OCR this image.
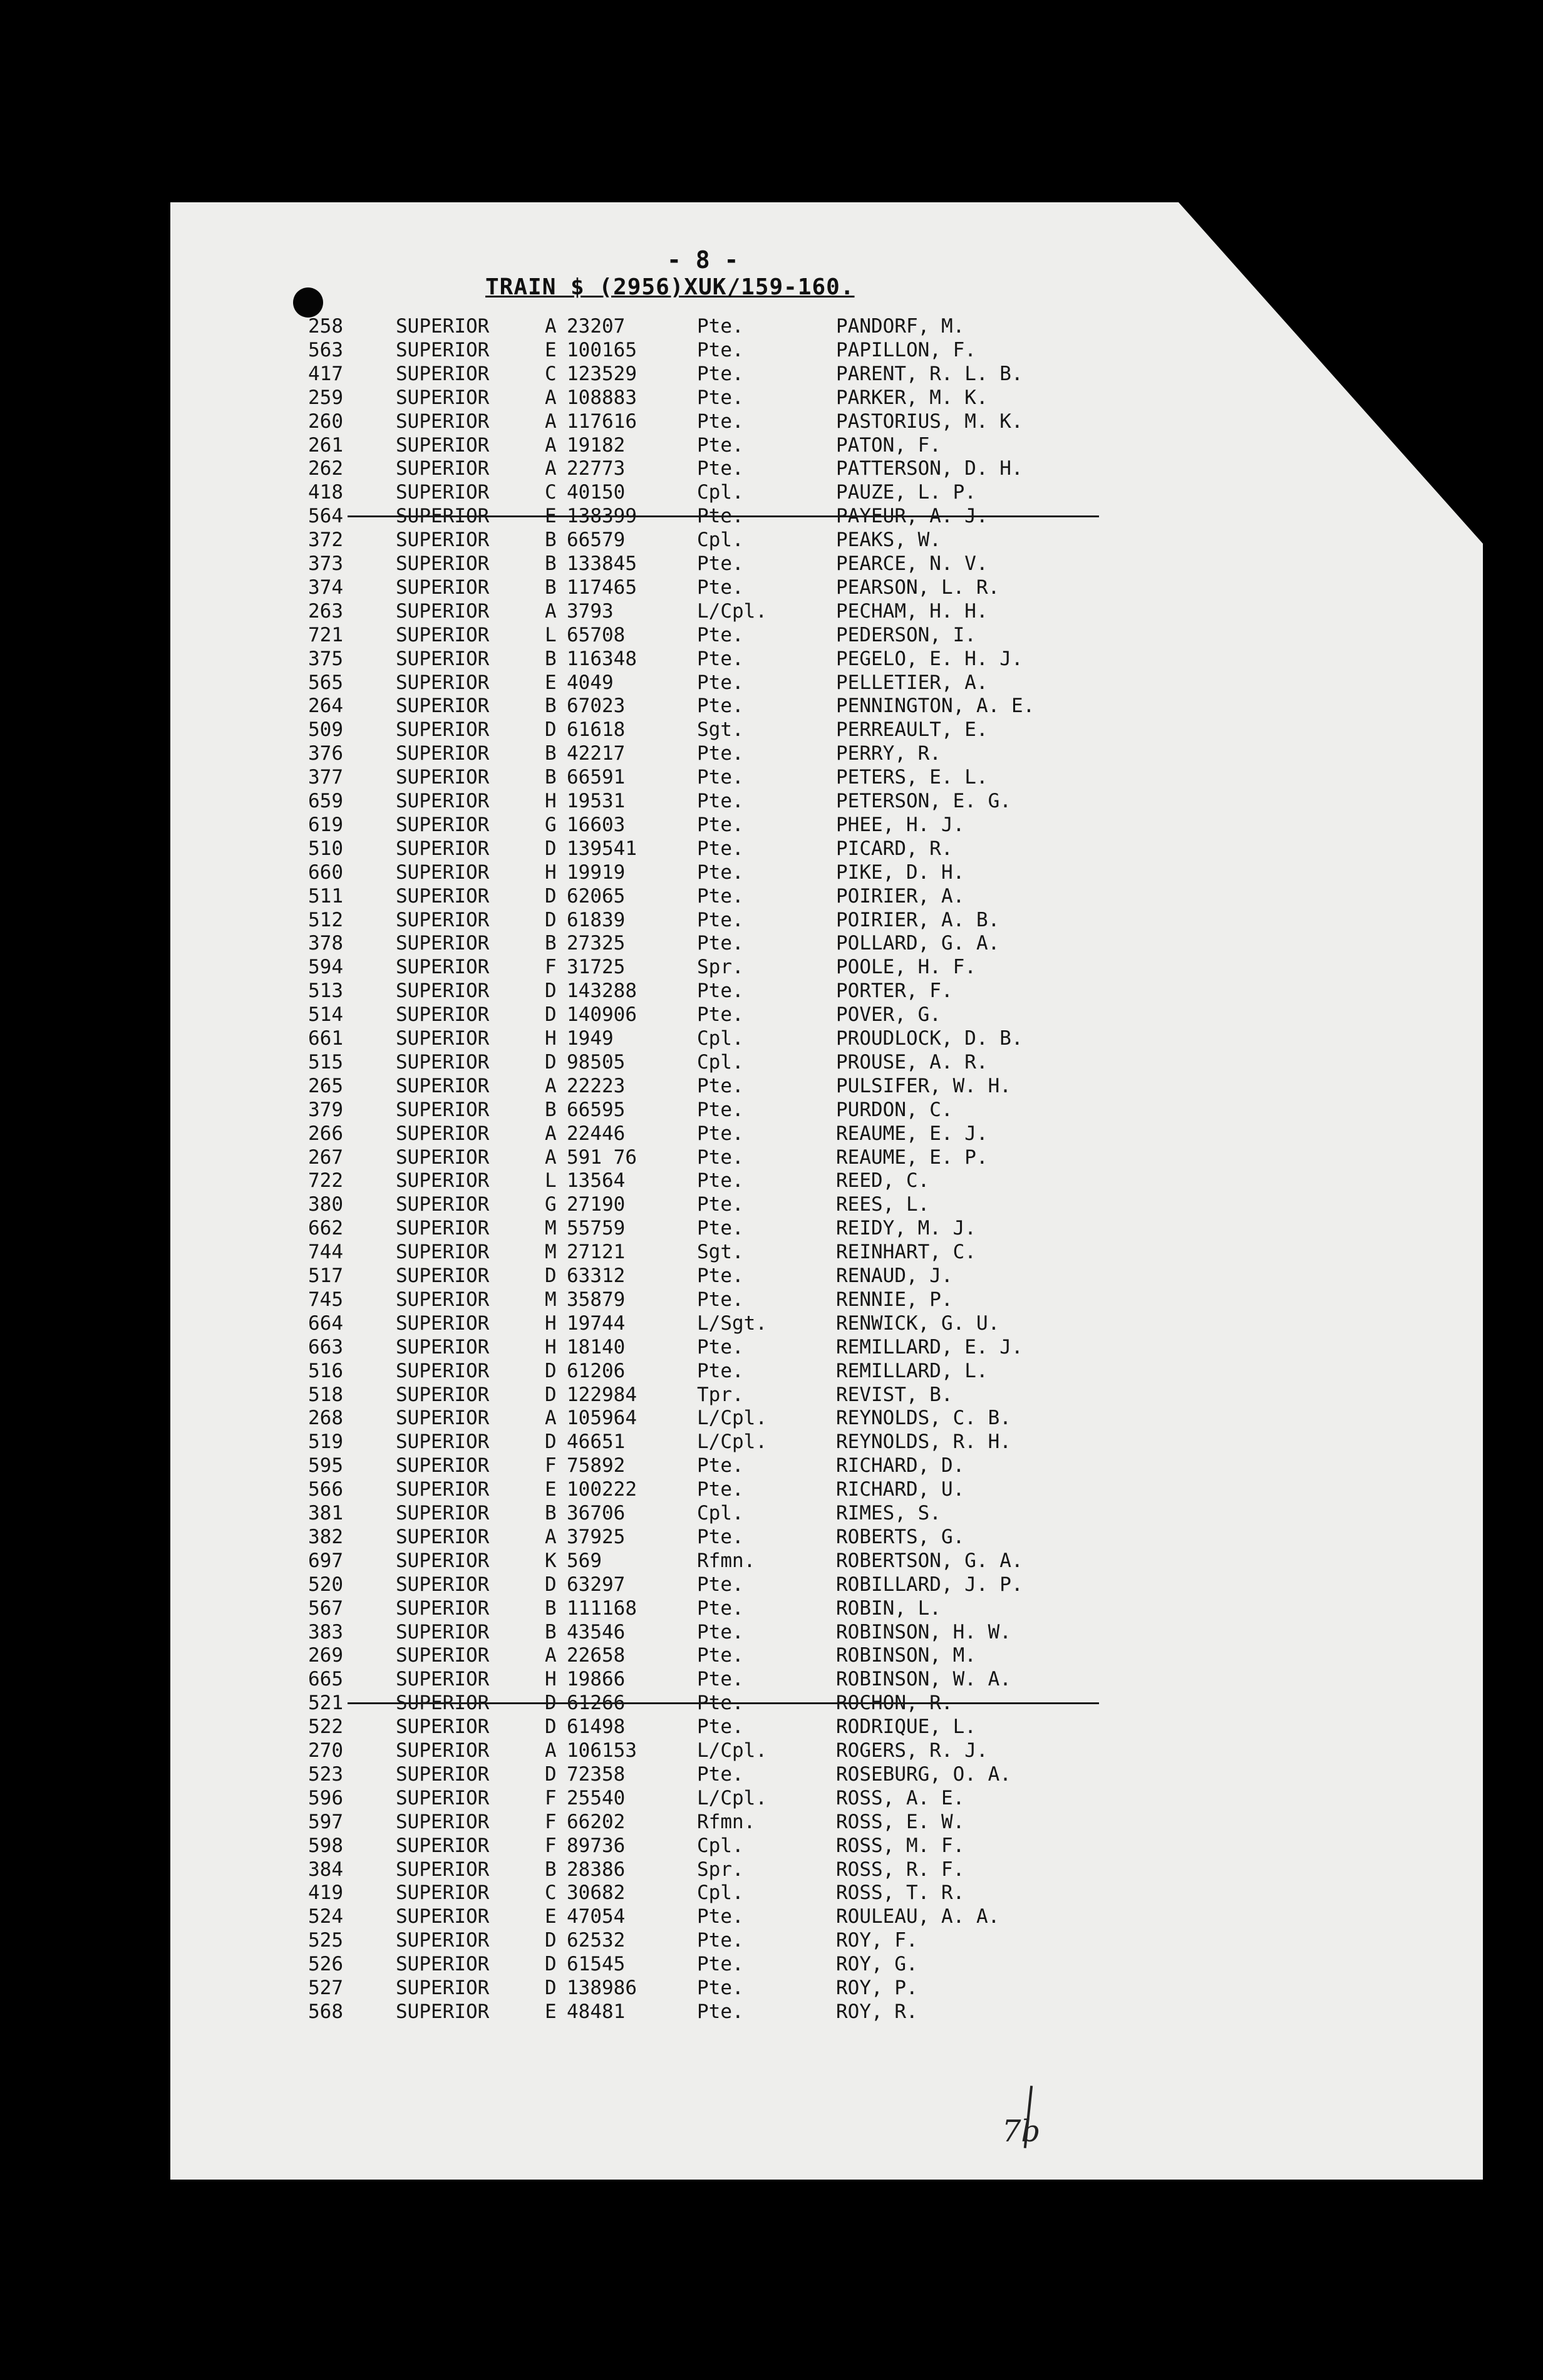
- 8 -
TRAIN $ (2956)XUK/159-160.
258	SUPERIOR	A 23207	Pte.	PANDORF, M.
563	SUPERIOR	E 100165	Pte.	PAPILLON, F.
417	SUPERIOR	C 123529	Pte.	PARENT, R. L. B.
259	SUPERIOR	A 108883	Pte.	PARKER, M. K.
260	SUPERIOR	A 117616	Pte.	PASTORIUS, M. K.
261	SUPERIOR	A 19182	Pte.	PATON, F.
262	SUPERIOR	A 22773	Pte.	PATTERSON, D. H.
418	SUPERIOR	C 40150	Cpl.	PAUZE, L. P.
564	SUPERIOR	E 138399	Pte.	PAYEUR, A. J.
372	SUPERIOR	B 66579	Cpl.	PEAKS, W.
373	SUPERIOR	B 133845	Pte.	PEARCE, N. V.
374	SUPERIOR	B 117465	Pte.	PEARSON, L. R.
263	SUPERIOR	A 3793	L/Cpl.	PECHAM, H. H.
721	SUPERIOR	L 65708	Pte.	PEDERSON, I.
375	SUPERIOR	B 116348	Pte.	PEGELO, E. H. J.
565	SUPERIOR	E 4049	Pte.	PELLETIER, A.
264	SUPERIOR	B 67023	Pte.	PENNINGTON, A. E.
509	SUPERIOR	D 61618	Sgt.	PERREAULT, E.
376	SUPERIOR	B 42217	Pte.	PERRY, R.
377	SUPERIOR	B 66591	Pte.	PETERS, E. L.
659	SUPERIOR	H 19531	Pte.	PETERSON, E. G.
619	SUPERIOR	G 16603	Pte.	PHEE, H. J.
510	SUPERIOR	D 139541	Pte.	PICARD, R.
660	SUPERIOR	H 19919	Pte.	PIKE, D. H.
511	SUPERIOR	D 62065	Pte.	POIRIER, A.
512	SUPERIOR	D 61839	Pte.	POIRIER, A. B.
378	SUPERIOR	B 27325	Pte.	POLLARD, G. A.
594	SUPERIOR	F 31725	Spr.	POOLE, H. F.
513	SUPERIOR	D 143288	Pte.	PORTER, F.
514	SUPERIOR	D 140906	Pte.	POVER, G.
661	SUPERIOR	H 1949	Cpl.	PROUDLOCK, D. B.
515	SUPERIOR	D 98505	Cpl.	PROUSE, A. R.
265	SUPERIOR	A 22223	Pte.	PULSIFER, W. H.
379	SUPERIOR	B 66595	Pte.	PURDON, C.
266	SUPERIOR	A 22446	Pte.	REAUME, E. J.
267	SUPERIOR	A 591 76	Pte.	REAUME, E. P.
722	SUPERIOR	L 13564	Pte.	REED, C.
380	SUPERIOR	G 27190	Pte.	REES, L.
662	SUPERIOR	M 55759	Pte.	REIDY, M. J.
744	SUPERIOR	M 27121	Sgt.	REINHART, C.
517	SUPERIOR	D 63312	Pte.	RENAUD, J.
745	SUPERIOR	M 35879	Pte.	RENNIE, P.
664	SUPERIOR	H 19744	L/Sgt.	RENWICK, G. U.
663	SUPERIOR	H 18140	Pte.	REMILLARD, E. J.
516	SUPERIOR	D 61206	Pte.	REMILLARD, L.
518	SUPERIOR	D 122984	Tpr.	REVIST, B.
268	SUPERIOR	A 105964	L/Cpl.	REYNOLDS, C. B.
519	SUPERIOR	D 46651	L/Cpl.	REYNOLDS, R. H.
595	SUPERIOR	F 75892	Pte.	RICHARD, D.
566	SUPERIOR	E 100222	Pte.	RICHARD, U.
381	SUPERIOR	B 36706	Cpl.	RIMES, S.
382	SUPERIOR	A 37925	Pte.	ROBERTS, G.
697	SUPERIOR	K 569	Rfmn.	ROBERTSON, G. A.
520	SUPERIOR	D 63297	Pte.	ROBILLARD, J. P.
567	SUPERIOR	B 111168	Pte.	ROBIN, L.
383	SUPERIOR	B 43546	Pte.	ROBINSON, H. W.
269	SUPERIOR	A 22658	Pte.	ROBINSON, M.
665	SUPERIOR	H 19866	Pte.	ROBINSON, W. A.
521	SUPERIOR	D 61266	Pte.	ROCHON, R.
522	SUPERIOR	D 61498	Pte.	RODRIQUE, L.
270	SUPERIOR	A 106153	L/Cpl.	ROGERS, R. J.
523	SUPERIOR	D 72358	Pte.	ROSEBURG, O. A.
596	SUPERIOR	F 25540	L/Cpl.	ROSS, A. E.
597	SUPERIOR	F 66202	Rfmn.	ROSS, E. W.
598	SUPERIOR	F 89736	Cpl.	ROSS, M. F.
384	SUPERIOR	B 28386	Spr.	ROSS, R. F.
419	SUPERIOR	C 30682	Cpl.	ROSS, T. R.
524	SUPERIOR	E 47054	Pte.	ROULEAU, A. A.
525	SUPERIOR	D 62532	Pte.	ROY, F.
526	SUPERIOR	D 61545	Pte.	ROY, G.
527	SUPERIOR	D 138986	Pte.	ROY, P.
568	SUPERIOR	E 48481	Pte.	ROY, R.
7b
